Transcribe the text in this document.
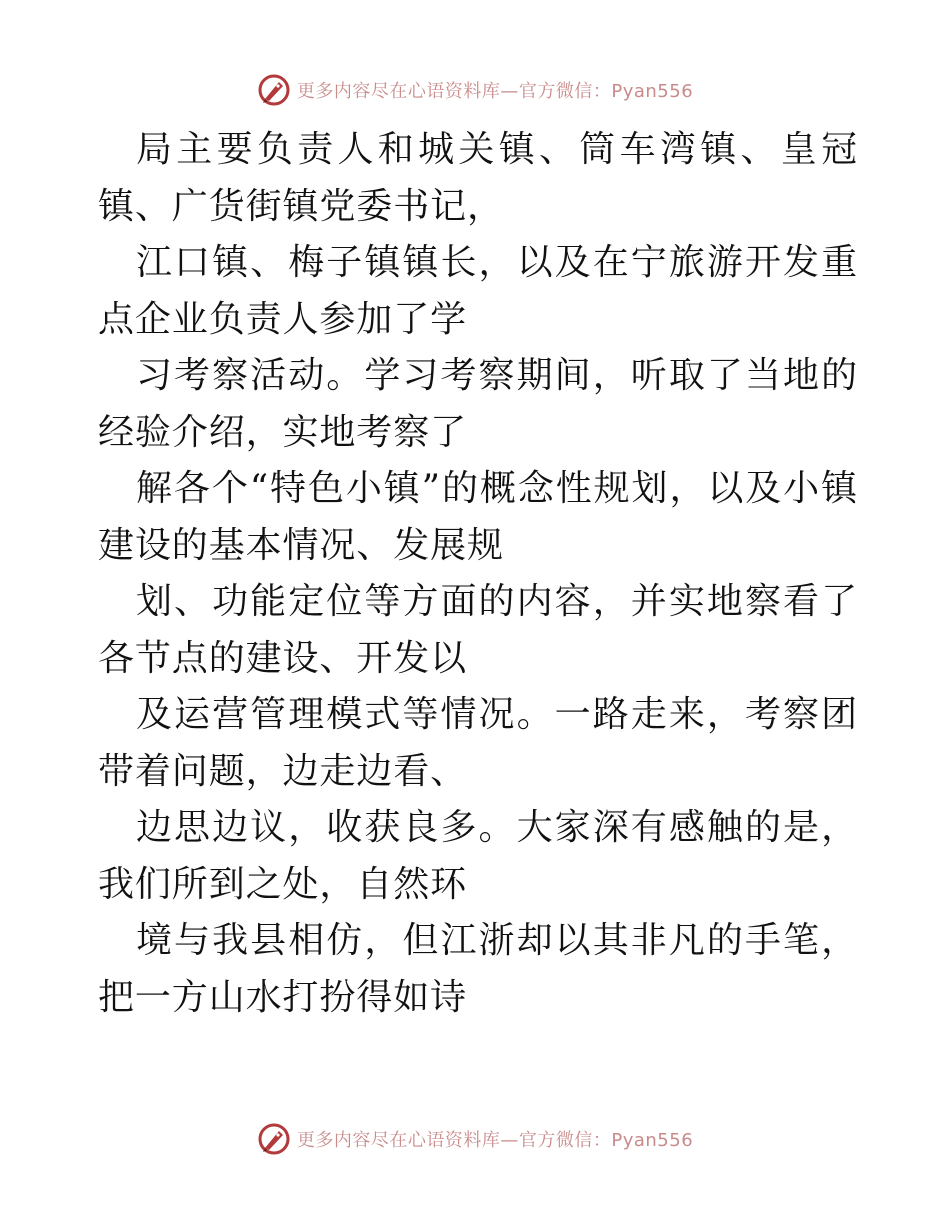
更多内容尽在心语资料库—官方微信：Pyan556

局主要负责人和城关镇、筒车湾镇、皇冠镇、广货街镇党委书记，

江口镇、梅子镇镇长，以及在宁旅游开发重点企业负责人参加了学

习考察活动。学习考察期间，听取了当地的经验介绍，实地考察了

解各个“特色小镇”的概念性规划，以及小镇建设的基本情况、发展规

划、功能定位等方面的内容，并实地察看了各节点的建设、开发以

及运营管理模式等情况。一路走来，考察团带着问题，边走边看、

边思边议，收获良多。大家深有感触的是，我们所到之处，自然环

境与我县相仿，但江浙却以其非凡的手笔，把一方山水打扮得如诗

更多内容尽在心语资料库—官方微信：Pyan556
